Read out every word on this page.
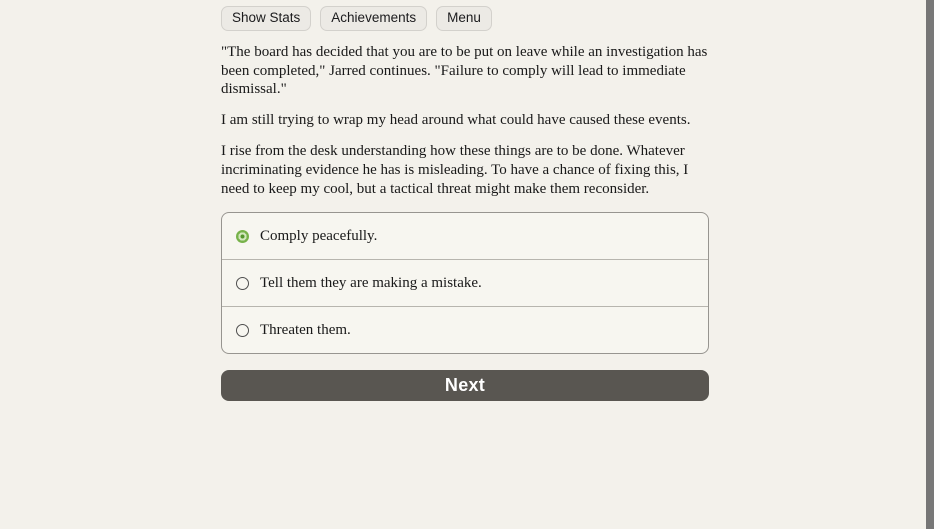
Show Stats	Achievements	Menu

"The board has decided that you are to be put on leave while an investigation has been completed," Jarred continues. "Failure to comply will lead to immediate dismissal."

I am still trying to wrap my head around what could have caused these events.

I rise from the desk understanding how these things are to be done. Whatever incriminating evidence he has is misleading. To have a chance of fixing this, I need to keep my cool, but a tactical threat might make them reconsider.

Comply peacefully.
Tell them they are making a mistake.
Threaten them.
Next
